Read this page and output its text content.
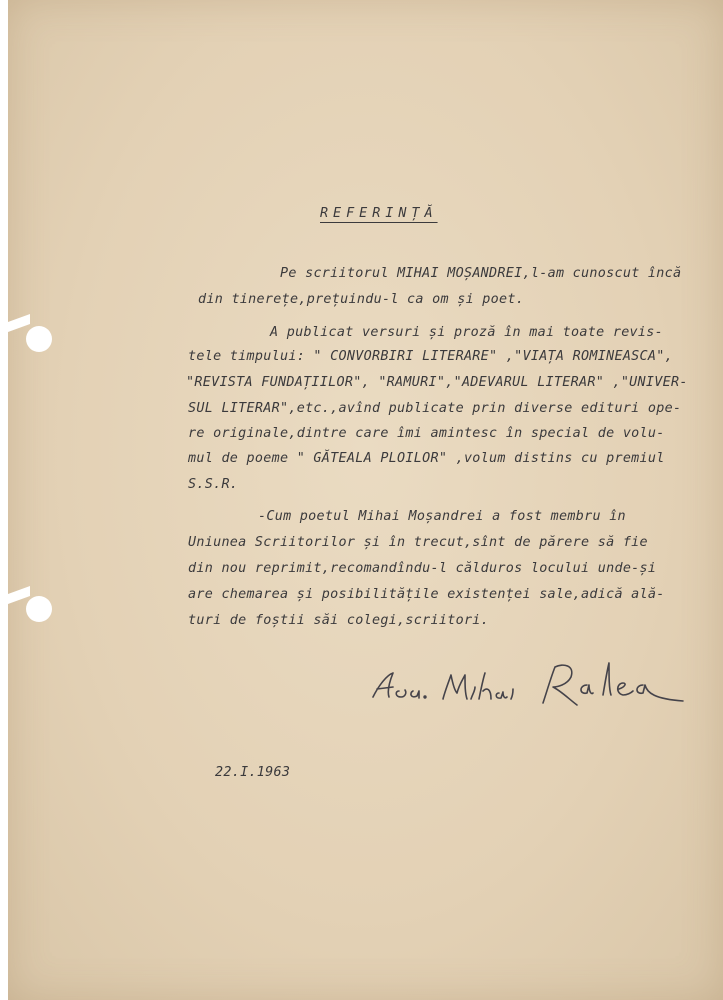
REFERINȚĂ
Pe scriitorul MIHAI MOȘANDREI,l-am cunoscut încă
din tinerețe,prețuindu-l ca om și poet.
A publicat versuri și proză în mai toate revis-
tele timpului: " CONVORBIRI LITERARE" ,"VIAȚA ROMINEASCA",
"REVISTA FUNDAȚIILOR", "RAMURI","ADEVARUL LITERAR" ,"UNIVER-
SUL LITERAR",etc.,avînd publicate prin diverse edituri ope-
re originale,dintre care îmi amintesc în special de volu-
mul de poeme " GĂTEALA PLOILOR" ,volum distins cu premiul
S.S.R.
-Cum poetul Mihai Moșandrei a fost membru în
Uniunea Scriitorilor și în trecut,sînt de părere să fie
din nou reprimit,recomandîndu-l călduros locului unde-și
are chemarea și posibilitățile existenței sale,adică ală-
turi de foștii săi colegi,scriitori.
22.I.1963
